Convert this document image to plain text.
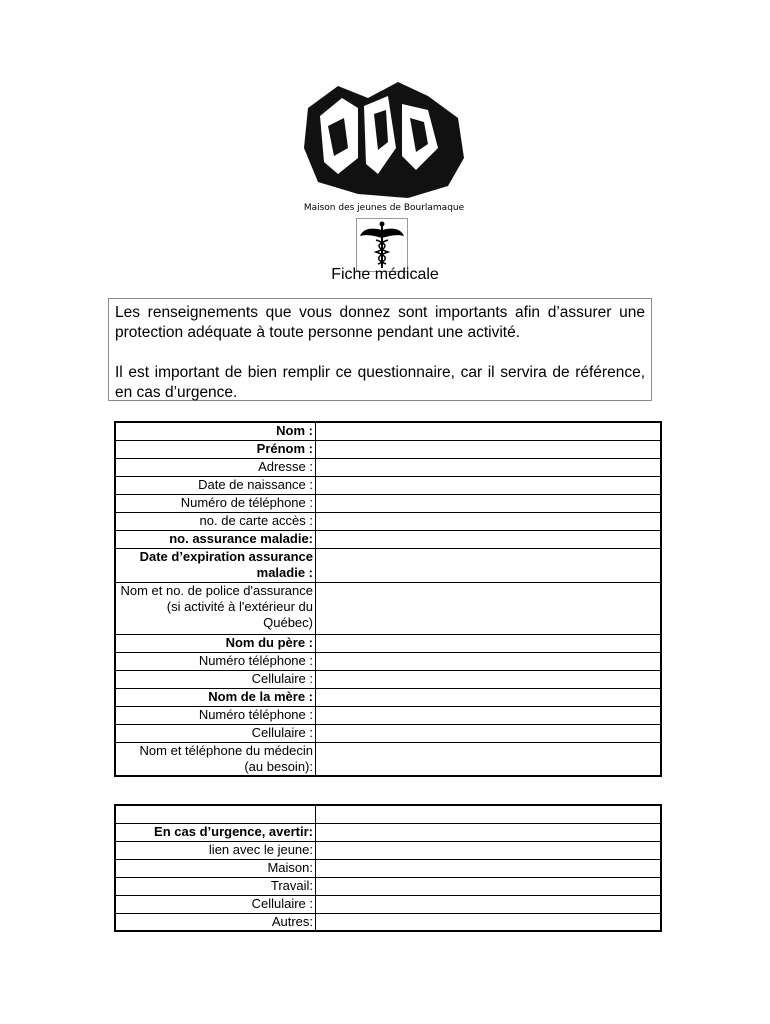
Maison des jeunes de Bourlamaque
Fiche médicale

Les renseignements que vous donnez sont importants afin d’assurer une protection adéquate à toute personne pendant une activité.

Il est important de bien remplir ce questionnaire, car il servira de référence, en cas d’urgence.

Nom :	
Prénom :	
Adresse :	
Date de naissance :	
Numéro de téléphone :	
no. de carte accès :	
no. assurance maladie:	
Date d’expiration assurance maladie :	
Nom et no. de police d'assurance (si activité à l'extérieur du Québec)	
Nom du père :	
Numéro téléphone :	
Cellulaire :	
Nom de la mère :	
Numéro téléphone :	
Cellulaire :	
Nom et téléphone du médecin (au besoin):	

En cas d’urgence, avertir:	
lien avec le jeune:	
Maison:	
Travail:	
Cellulaire :	
Autres:	
